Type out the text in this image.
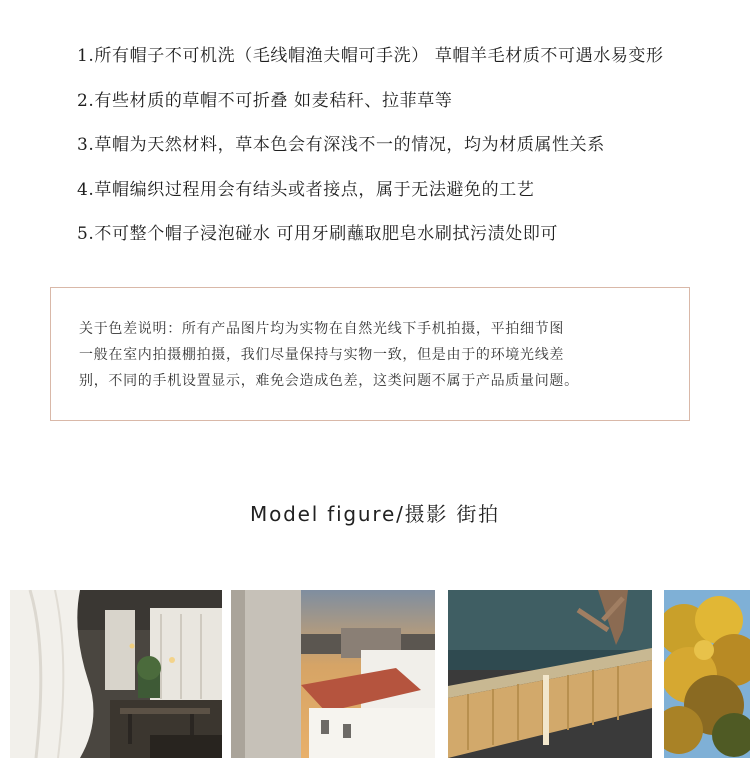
1.所有帽子不可机洗（毛线帽渔夫帽可手洗） 草帽羊毛材质不可遇水易变形
2.有些材质的草帽不可折叠 如麦秸秆、拉菲草等
3.草帽为天然材料，草本色会有深浅不一的情况，均为材质属性关系
4.草帽编织过程用会有结头或者接点，属于无法避免的工艺
5.不可整个帽子浸泡碰水 可用牙刷蘸取肥皂水刷拭污渍处即可
关于色差说明：所有产品图片均为实物在自然光线下手机拍摄，平拍细节图
一般在室内拍摄棚拍摄，我们尽量保持与实物一致，但是由于的环境光线差
别，不同的手机设置显示，难免会造成色差，这类问题不属于产品质量问题。
Model figure/摄影 街拍
